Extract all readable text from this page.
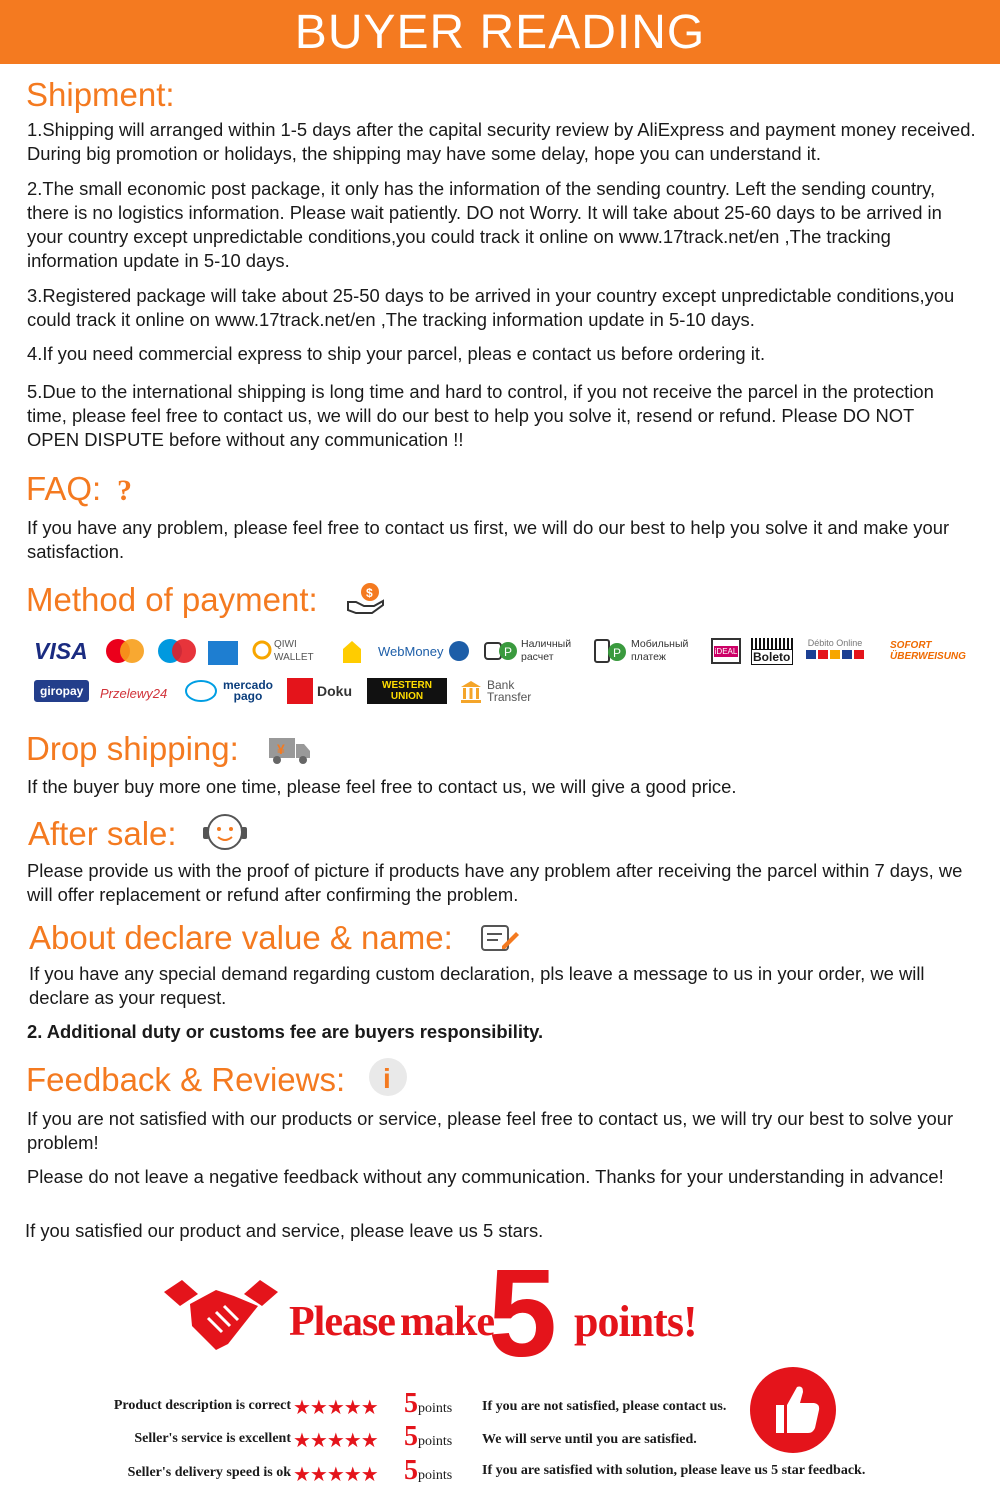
BUYER READING
Shipment:
1.Shipping will arranged within 1-5 days after the capital security review by AliExpress and payment money received. During big promotion or holidays, the shipping may have some delay, hope you can understand it.
2.The small economic post package, it only has the information of the sending country. Left the sending country, there is no logistics information. Please wait patiently. DO not Worry. It will take about 25-60 days to be arrived in your country except unpredictable conditions,you could track it online on www.17track.net/en ,The tracking information update in 5-10 days.
3.Registered package will take about 25-50 days to be arrived in your country except unpredictable conditions,you could track it online on www.17track.net/en ,The tracking information update in 5-10 days.
4.If you need commercial express to ship your parcel, pleas e contact us before ordering it.
5.Due to the international shipping is long time and hard to control, if you not receive the parcel in the protection time, please feel free to contact us, we will do our best to help you solve it, resend or refund. Please DO NOT OPEN DISPUTE before without any communication !!
FAQ: ?
If you have any problem, please feel free to contact us first, we will do our best to help you solve it and make your satisfaction.
Method of payment:	$
VISA	QIWI WALLET	WebMoney	P
Наличный расчет	P
Мобильный платеж	iDEAL Boleto
Débito Online	SOFORT ÜBERWEISUNG
giropay	Przelewy24
mercado pago	Doku	WESTERN UNION
Bank Transfer
Drop shipping:	¥
If the buyer buy more one time, please feel free to contact us, we will give a good price.
After sale:
Please provide us with the proof of picture if products have any problem after receiving the parcel within 7 days, we will offer replacement or refund after confirming the problem.
About declare value & name:
If you have any special demand regarding custom declaration, pls leave a message to us in your order, we will declare as your request.
2. Additional duty or customs fee are buyers responsibility.
Feedback & Reviews: i
If you are not satisfied with our products or service, please feel free to contact us, we will try our best to solve your problem!
Please do not leave a negative feedback without any communication. Thanks for your understanding in advance!
If you satisfied our product and service, please leave us 5 stars.
Please make
5 points!
Product description is correct ★★★★★ 5points If you are not satisfied, please contact us.
Seller's service is excellent ★★★★★ 5points We will serve until you are satisfied.
Seller's delivery speed is ok ★★★★★ 5points If you are satisfied with solution, please leave us 5 star feedback.
